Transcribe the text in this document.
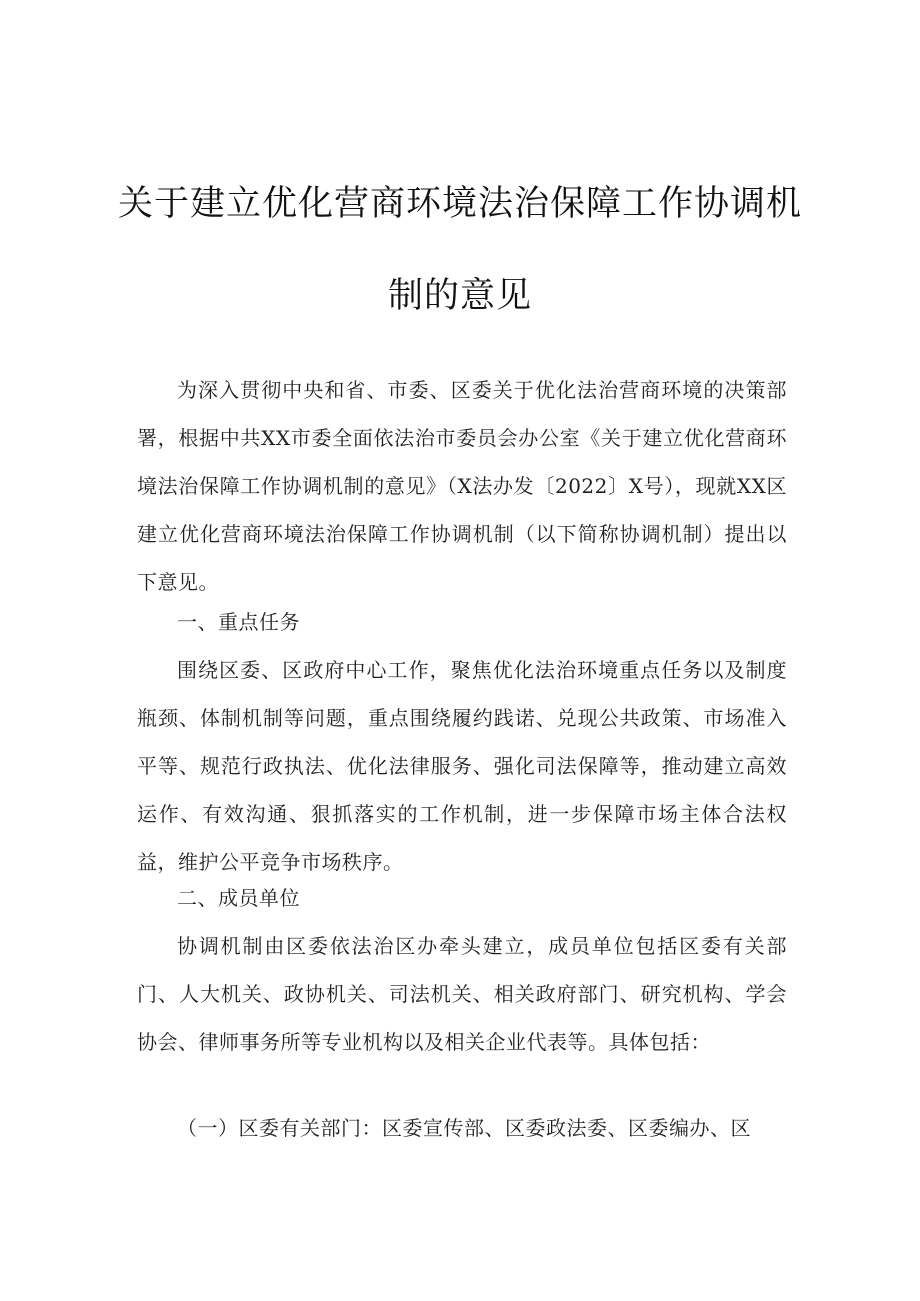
关于建立优化营商环境法治保障工作协调机
制的意见

为深入贯彻中央和省、市委、区委关于优化法治营商环境的决策部署，根据中共XX市委全面依法治市委员会办公室《关于建立优化营商环境法治保障工作协调机制的意见》（X法办发〔2022〕X号），现就XX区建立优化营商环境法治保障工作协调机制（以下简称协调机制）提出以下意见。

一、重点任务

围绕区委、区政府中心工作，聚焦优化法治环境重点任务以及制度瓶颈、体制机制等问题，重点围绕履约践诺、兑现公共政策、市场准入平等、规范行政执法、优化法律服务、强化司法保障等，推动建立高效运作、有效沟通、狠抓落实的工作机制，进一步保障市场主体合法权益，维护公平竞争市场秩序。

二、成员单位

协调机制由区委依法治区办牵头建立，成员单位包括区委有关部门、人大机关、政协机关、司法机关、相关政府部门、研究机构、学会协会、律师事务所等专业机构以及相关企业代表等。具体包括：

（一）区委有关部门：区委宣传部、区委政法委、区委编办、区
